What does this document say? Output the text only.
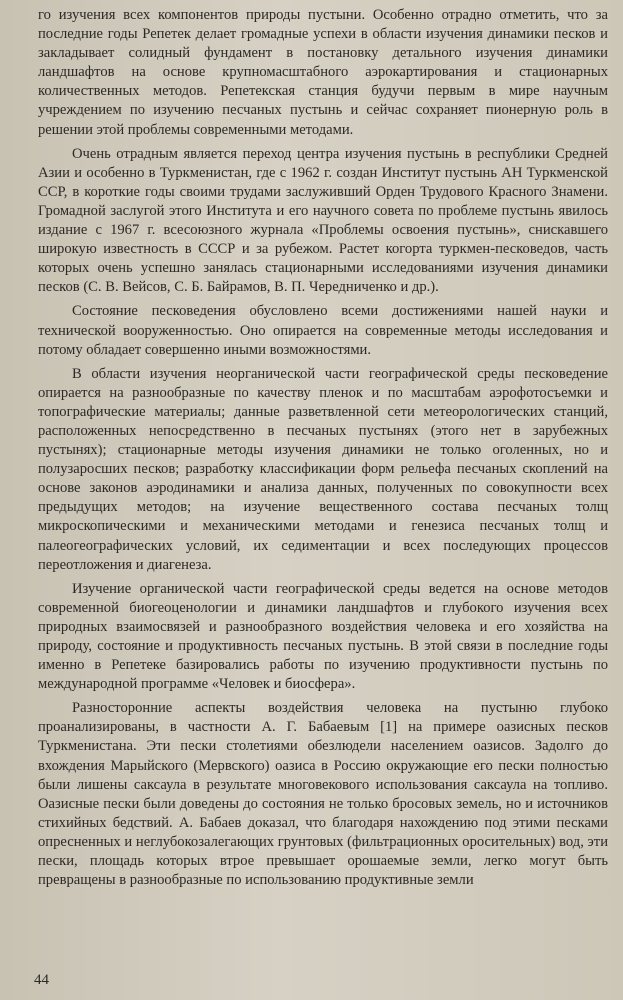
го изучения всех компонентов природы пустыни. Особенно отрадно отметить, что за последние годы Репетек делает громадные успехи в области изучения динамики песков и закладывает солидный фундамент в постановку детального изучения динамики ландшафтов на основе крупномасштабного аэрокартирования и стационарных количественных методов. Репетекская станция будучи первым в мире научным учреждением по изучению песчаных пустынь и сейчас сохраняет пионерную роль в решении этой проблемы современными методами.

Очень отрадным является переход центра изучения пустынь в республики Средней Азии и особенно в Туркменистан, где с 1962 г. создан Институт пустынь АН Туркменской ССР, в короткие годы своими трудами заслуживший Орден Трудового Красного Знамени. Громадной заслугой этого Института и его научного совета по проблеме пустынь явилось издание с 1967 г. всесоюзного журнала «Проблемы освоения пустынь», снискавшего широкую известность в СССР и за рубежом. Растет когорта туркмен-песковедов, часть которых очень успешно занялась стационарными исследованиями изучения динамики песков (С. В. Вейсов, С. Б. Байрамов, В. П. Чередниченко и др.).

Состояние песковедения обусловлено всеми достижениями нашей науки и технической вооруженностью. Оно опирается на современные методы исследования и потому обладает совершенно иными возможностями.

В области изучения неорганической части географической среды песковедение опирается на разнообразные по качеству пленок и по масштабам аэрофотосъемки и топографические материалы; данные разветвленной сети метеорологических станций, расположенных непосредственно в песчаных пустынях (этого нет в зарубежных пустынях); стационарные методы изучения динамики не только оголенных, но и полузаросших песков; разработку классификации форм рельефа песчаных скоплений на основе законов аэродинамики и анализа данных, полученных по совокупности всех предыдущих методов; на изучение вещественного состава песчаных толщ микроскопическими и механическими методами и генезиса песчаных толщ и палеогеографических условий, их седиментации и всех последующих процессов переотложения и диагенеза.

Изучение органической части географической среды ведется на основе методов современной биогеоценологии и динамики ландшафтов и глубокого изучения всех природных взаимосвязей и разнообразного воздействия человека и его хозяйства на природу, состояние и продуктивность песчаных пустынь. В этой связи в последние годы именно в Репетеке базировались работы по изучению продуктивности пустынь по международной программе «Человек и биосфера».

Разносторонние аспекты воздействия человека на пустыню глубоко проанализированы, в частности А. Г. Бабаевым [1] на примере оазисных песков Туркменистана. Эти пески столетиями обезлюдели населением оазисов. Задолго до вхождения Марыйского (Мервского) оазиса в Россию окружающие его пески полностью были лишены саксаула в результате многовекового использования саксаула на топливо. Оазисные пески были доведены до состояния не только бросовых земель, но и источников стихийных бедствий. А. Бабаев доказал, что благодаря нахождению под этими песками опресненных и неглубокозалегающих грунтовых (фильтрационных оросительных) вод, эти пески, площадь которых втрое превышает орошаемые земли, легко могут быть превращены в разнообразные по использованию продуктивные земли

44
